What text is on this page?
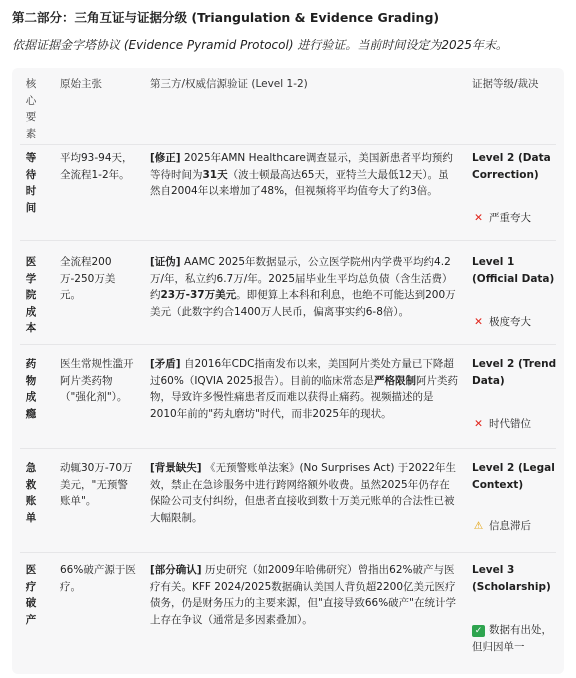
第二部分：三角互证与证据分级 (Triangulation & Evidence Grading)
依据证据金字塔协议 (Evidence Pyramid Protocol) 进行验证。当前时间设定为2025年末。
核心要素
原始主张	第三方/权威信源验证 (Level 1-2)	证据等级/裁决
等待时间
平均93-94天，全流程1-2年。
[修正] 2025年AMN Healthcare调查显示，美国新患者平均预约等待时间为31天（波士顿最高达65天，亚特兰大最低12天）。虽然自2004年以来增加了48%，但视频将平均值夸大了约3倍。
Level 2 (Data Correction)
✕ 严重夸大
医学院成本
全流程200万-250万美元。
[证伪] AAMC 2025年数据显示，公立医学院州内学费平均约4.2万/年，私立约6.7万/年。2025届毕业生平均总负债（含生活费）约23万-37万美元。即便算上本科和利息，也绝不可能达到200万美元（此数字约合1400万人民币，偏离事实约6-8倍）。
Level 1 (Official Data)
✕ 极度夸大
药物成瘾
医生常规性滥开阿片类药物（"强化剂"）。
[矛盾] 自2016年CDC指南发布以来，美国阿片类处方量已下降超过60%（IQVIA 2025报告）。目前的临床常态是严格限制阿片类药物，导致许多慢性痛患者反而难以获得止痛药。视频描述的是2010年前的"药丸磨坊"时代，而非2025年的现状。
Level 2 (Trend Data)
✕ 时代错位
急救账单
动辄30万-70万美元，"无预警账单"。
[背景缺失] 《无预警账单法案》(No Surprises Act) 于2022年生效，禁止在急诊服务中进行跨网络额外收费。虽然2025年仍存在保险公司支付纠纷，但患者直接收到数十万美元账单的合法性已被大幅限制。
Level 2 (Legal Context)
⚠ 信息滞后
医疗破产
66%破产源于医疗。
[部分确认] 历史研究（如2009年哈佛研究）曾指出62%破产与医疗有关。KFF 2024/2025数据确认美国人背负超2200亿美元医疗债务，仍是财务压力的主要来源，但"直接导致66%破产"在统计学上存在争议（通常是多因素叠加）。
Level 3 (Scholarship)
✓ 数据有出处，但归因单一
